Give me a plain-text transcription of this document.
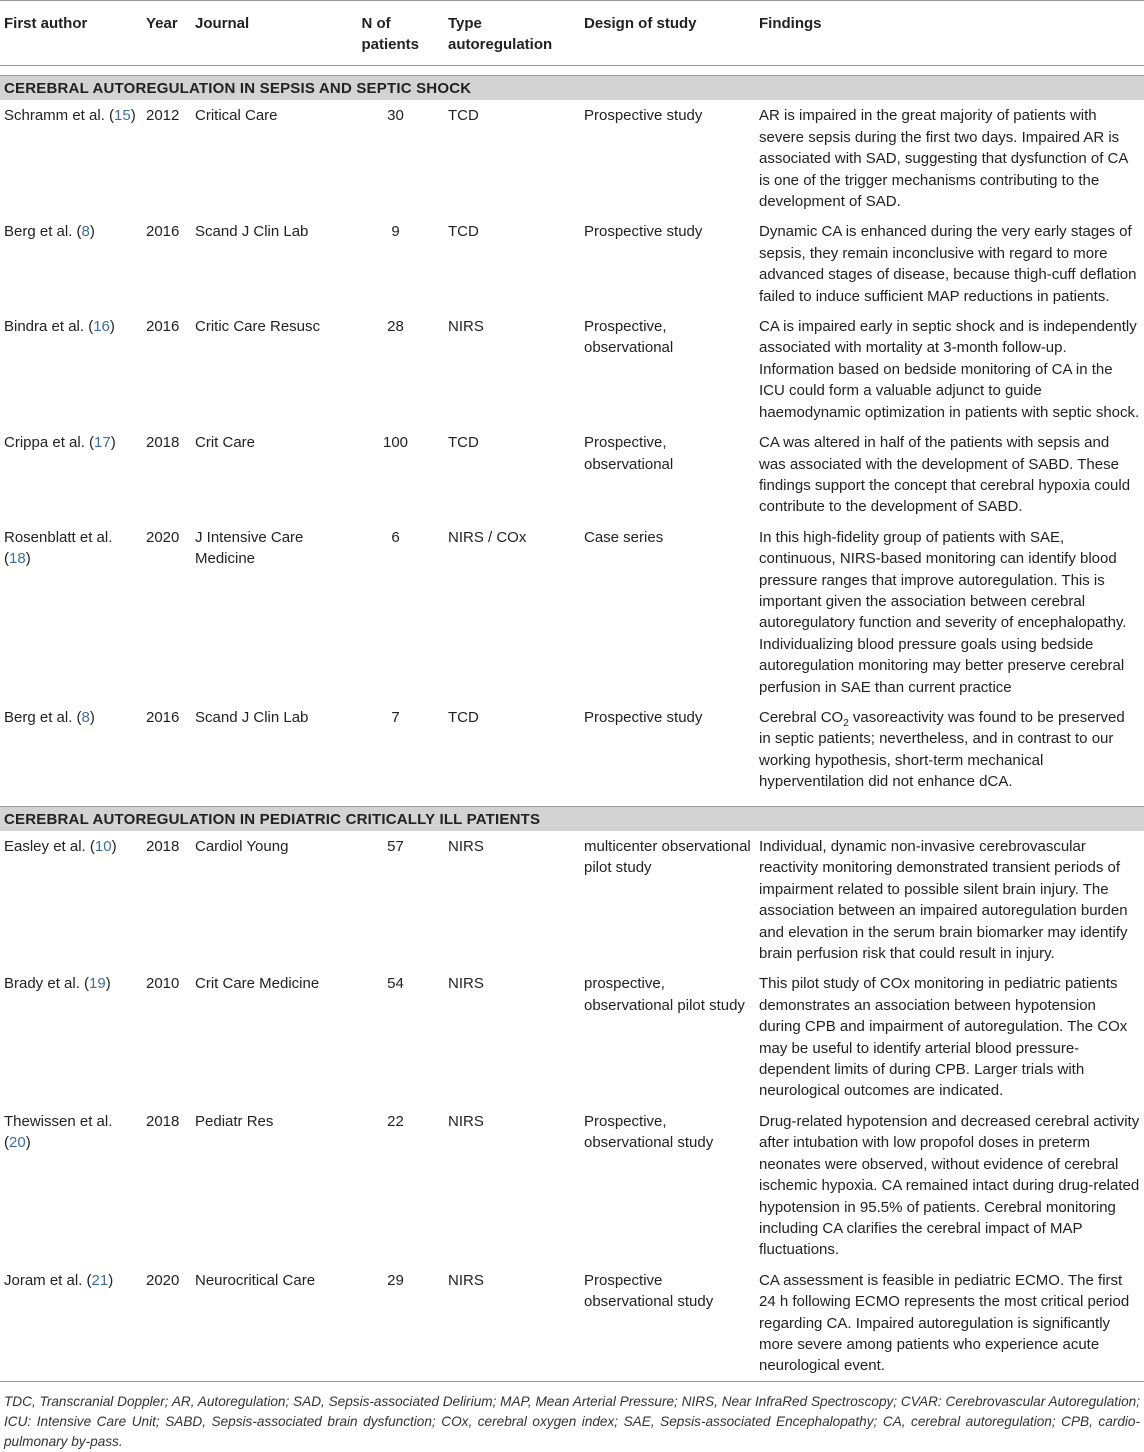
First author	Year	Journal	N of patients	Type autoregulation	Design of study	Findings

CEREBRAL AUTOREGULATION IN SEPSIS AND SEPTIC SHOCK						
Schramm et al. (15)	2012	Critical Care	30	TCD	Prospective study	AR is impaired in the great majority of patients with severe sepsis during the first two days. Impaired AR is associated with SAD, suggesting that dysfunction of CA is one of the trigger mechanisms contributing to the development of SAD.
Berg et al. (8)	2016	Scand J Clin Lab	9	TCD	Prospective study	Dynamic CA is enhanced during the very early stages of sepsis, they remain inconclusive with regard to more advanced stages of disease, because thigh-cuff deflation failed to induce sufficient MAP reductions in patients.
Bindra et al. (16)	2016	Critic Care Resusc	28	NIRS	Prospective, observational	CA is impaired early in septic shock and is independently associated with mortality at 3-month follow-up. Information based on bedside monitoring of CA in the ICU could form a valuable adjunct to guide haemodynamic optimization in patients with septic shock.
Crippa et al. (17)	2018	Crit Care	100	TCD	Prospective, observational	CA was altered in half of the patients with sepsis and was associated with the development of SABD. These findings support the concept that cerebral hypoxia could contribute to the development of SABD.
Rosenblatt et al. (18)	2020	J Intensive Care Medicine	6	NIRS / COx	Case series	In this high-fidelity group of patients with SAE, continuous, NIRS-based monitoring can identify blood pressure ranges that improve autoregulation. This is important given the association between cerebral autoregulatory function and severity of encephalopathy. Individualizing blood pressure goals using bedside autoregulation monitoring may better preserve cerebral perfusion in SAE than current practice
Berg et al. (8)	2016	Scand J Clin Lab	7	TCD	Prospective study	Cerebral $CO_2$ vasoreactivity was found to be preserved in septic patients; nevertheless, and in contrast to our working hypothesis, short-term mechanical hyperventilation did not enhance dCA.

CEREBRAL AUTOREGULATION IN PEDIATRIC CRITICALLY ILL PATIENTS						
Easley et al. (10)	2018	Cardiol Young	57	NIRS	multicenter observational pilot study	Individual, dynamic non-invasive cerebrovascular reactivity monitoring demonstrated transient periods of impairment related to possible silent brain injury. The association between an impaired autoregulation burden and elevation in the serum brain biomarker may identify brain perfusion risk that could result in injury.
Brady et al. (19)	2010	Crit Care Medicine	54	NIRS	prospective, observational pilot study	This pilot study of COx monitoring in pediatric patients demonstrates an association between hypotension during CPB and impairment of autoregulation. The COx may be useful to identify arterial blood pressure-dependent limits of during CPB. Larger trials with neurological outcomes are indicated.
Thewissen et al. (20)	2018	Pediatr Res	22	NIRS	Prospective, observational study	Drug-related hypotension and decreased cerebral activity after intubation with low propofol doses in preterm neonates were observed, without evidence of cerebral ischemic hypoxia. CA remained intact during drug-related hypotension in 95.5% of patients. Cerebral monitoring including CA clarifies the cerebral impact of MAP fluctuations.
Joram et al. (21)	2020	Neurocritical Care	29	NIRS	Prospective observational study	CA assessment is feasible in pediatric ECMO. The first 24 h following ECMO represents the most critical period regarding CA. Impaired autoregulation is significantly more severe among patients who experience acute neurological event.
TDC, Transcranial Doppler; AR, Autoregulation; SAD, Sepsis-associated Delirium; MAP, Mean Arterial Pressure; NIRS, Near InfraRed Spectroscopy; CVAR: Cerebrovascular Autoregulation; ICU: Intensive Care Unit; SABD, Sepsis-associated brain dysfunction; COx, cerebral oxygen index; SAE, Sepsis-associated Encephalopathy; CA, cerebral autoregulation; CPB, cardio-pulmonary by-pass.
